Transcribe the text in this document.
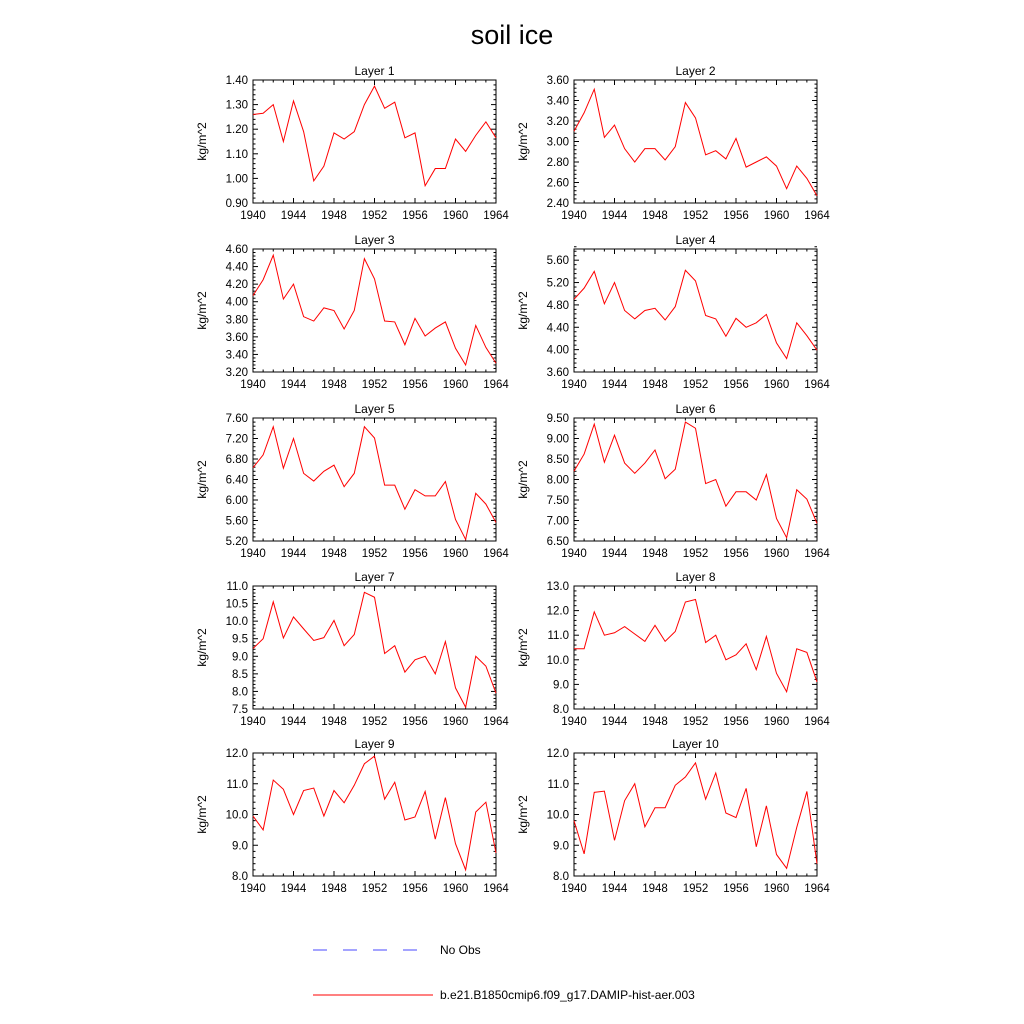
soil ice
Layer 1
kg/m^2
1940 1944 1948 1952 1956 1960 1964
0.90
1.00
1.10
1.20
1.30
1.40
Layer 2
kg/m^2
1940 1944 1948 1952 1956 1960 1964
2.40
2.60
2.80
3.00
3.20
3.40
3.60
Layer 3
kg/m^2
1940 1944 1948 1952 1956 1960 1964
3.20
3.40
3.60
3.80
4.00
4.20
4.40
4.60
Layer 4
kg/m^2
1940 1944 1948 1952 1956 1960 1964
3.60
4.00
4.40
4.80
5.20
5.60
Layer 5
kg/m^2
1940 1944 1948 1952 1956 1960 1964
5.20
5.60
6.00
6.40
6.80
7.20
7.60
Layer 6
kg/m^2
1940 1944 1948 1952 1956 1960 1964
6.50
7.00
7.50
8.00
8.50
9.00
9.50
Layer 7
kg/m^2
1940 1944 1948 1952 1956 1960 1964
7.5
8.0
8.5
9.0
9.5
10.0
10.5
11.0
Layer 8
kg/m^2
1940 1944 1948 1952 1956 1960 1964
8.0
9.0
10.0
11.0
12.0
13.0
Layer 9
kg/m^2
1940 1944 1948 1952 1956 1960 1964
8.0
9.0
10.0
11.0
12.0
Layer 10
kg/m^2
1940 1944 1948 1952 1956 1960 1964
8.0
9.0
10.0
11.0
12.0
No Obs
b.e21.B1850cmip6.f09_g17.DAMIP-hist-aer.003
